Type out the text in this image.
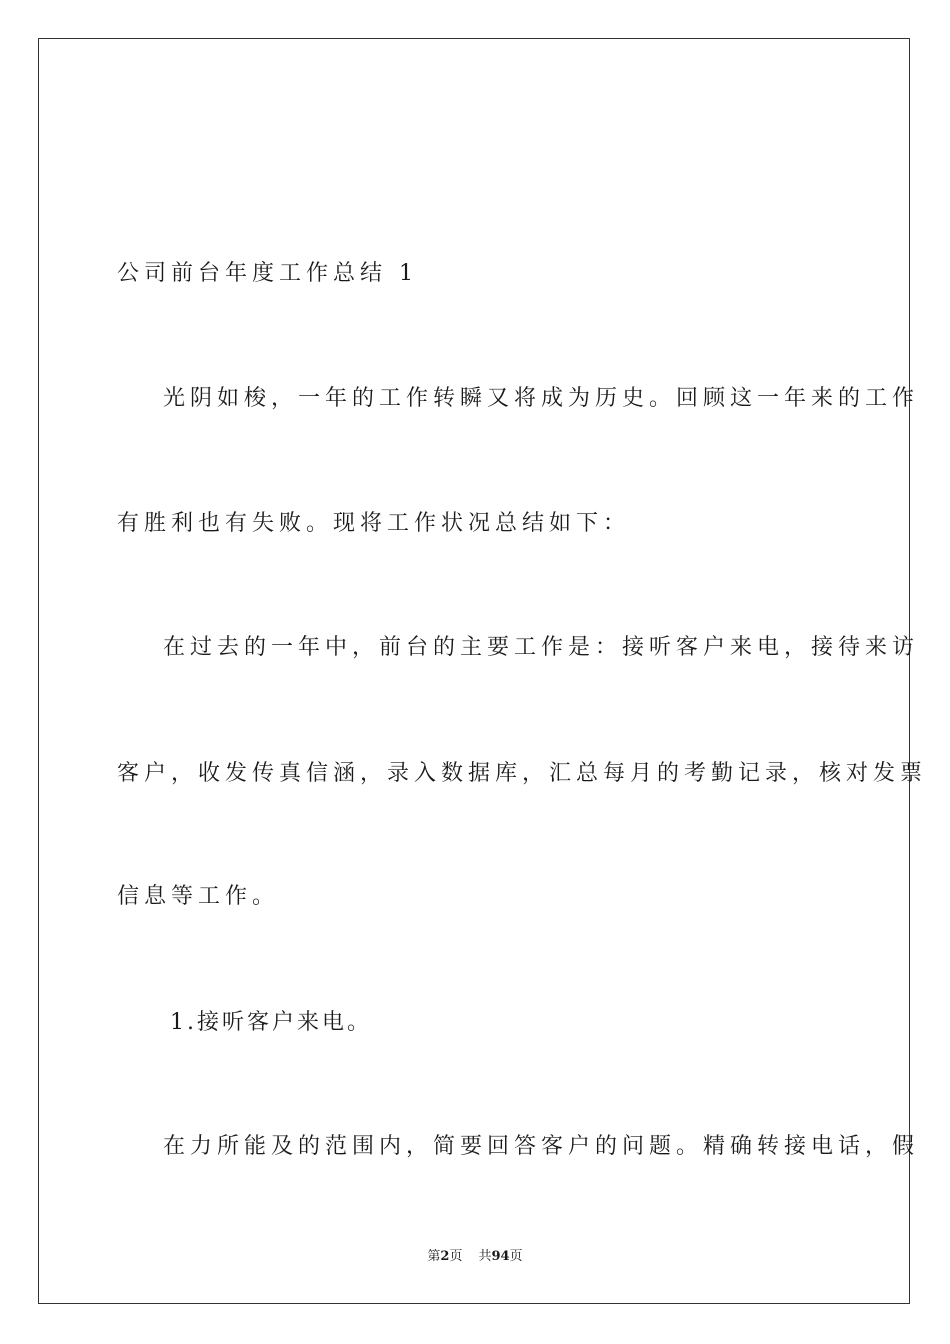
公司前台年度工作总结 1
光阴如梭，一年的工作转瞬又将成为历史。回顾这一年来的工作
有胜利也有失败。现将工作状况总结如下：
在过去的一年中，前台的主要工作是：接听客户来电，接待来访
客户，收发传真信涵，录入数据库，汇总每月的考勤记录，核对发票
信息等工作。
1.接听客户来电。
在力所能及的范围内，简要回答客户的问题。精确转接电话，假
第2页 共94页
